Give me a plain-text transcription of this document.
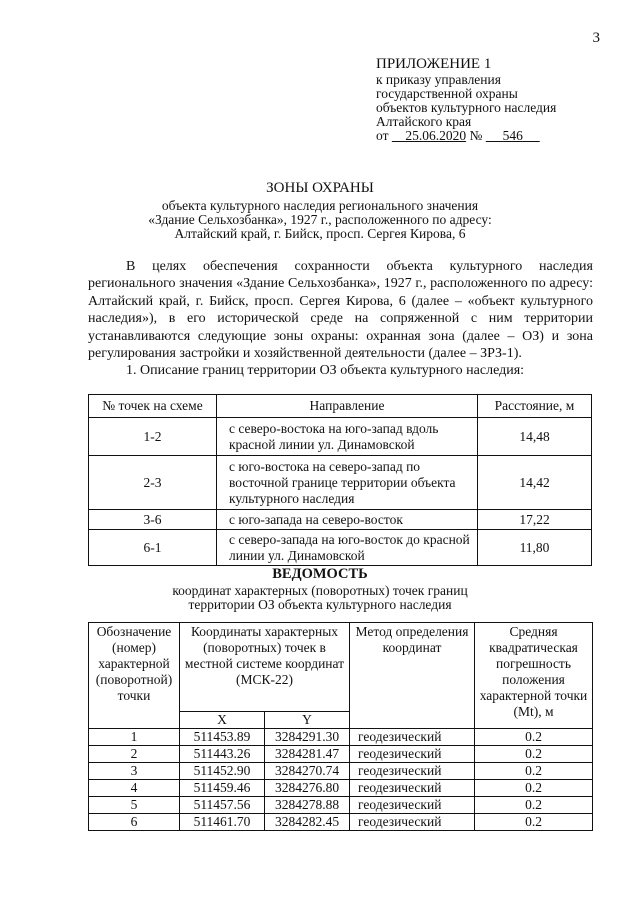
3
ПРИЛОЖЕНИЕ 1
к приказу управления
государственной охраны
объектов культурного наследия
Алтайского края
от 25.06.2020 № 546
ЗОНЫ ОХРАНЫ
объекта культурного наследия регионального значения
«Здание Сельхозбанка», 1927 г., расположенного по адресу:
Алтайский край, г. Бийск, просп. Сергея Кирова, 6

В целях обеспечения сохранности объекта культурного наследия регионального значения «Здание Сельхозбанка», 1927 г., расположенного по адресу: Алтайский край, г. Бийск, просп. Сергея Кирова, 6 (далее – «объект культурного наследия»), в его исторической среде на сопряженной с ним территории устанавливаются следующие зоны охраны: охранная зона (далее – ОЗ) и зона регулирования застройки и хозяйственной деятельности (далее – ЗРЗ-1).

1. Описание границ территории ОЗ объекта культурного наследия:

№ точек на схеме	Направление	Расстояние, м
1-2	с северо-востока на юго-запад вдоль красной линии ул. Динамовской	14,48
2-3	с юго-востока на северо-запад по восточной границе территории объекта культурного наследия	14,42
3-6	с юго-запада на северо-восток	17,22
6-1	с северо-запада на юго-восток до красной линии ул. Динамовской	11,80
ВЕДОМОСТЬ
координат характерных (поворотных) точек границ
территории ОЗ объекта культурного наследия
Обозначение (номер) характерной (поворотной) точки	Координаты характерных (поворотных) точек в местной системе координат (МСК-22)		Метод определения координат	Средняя квадратическая погрешность положения характерной точки (Mt), м
	X	Y		
1	511453.89	3284291.30	геодезический	0.2
2	511443.26	3284281.47	геодезический	0.2
3	511452.90	3284270.74	геодезический	0.2
4	511459.46	3284276.80	геодезический	0.2
5	511457.56	3284278.88	геодезический	0.2
6	511461.70	3284282.45	геодезический	0.2
